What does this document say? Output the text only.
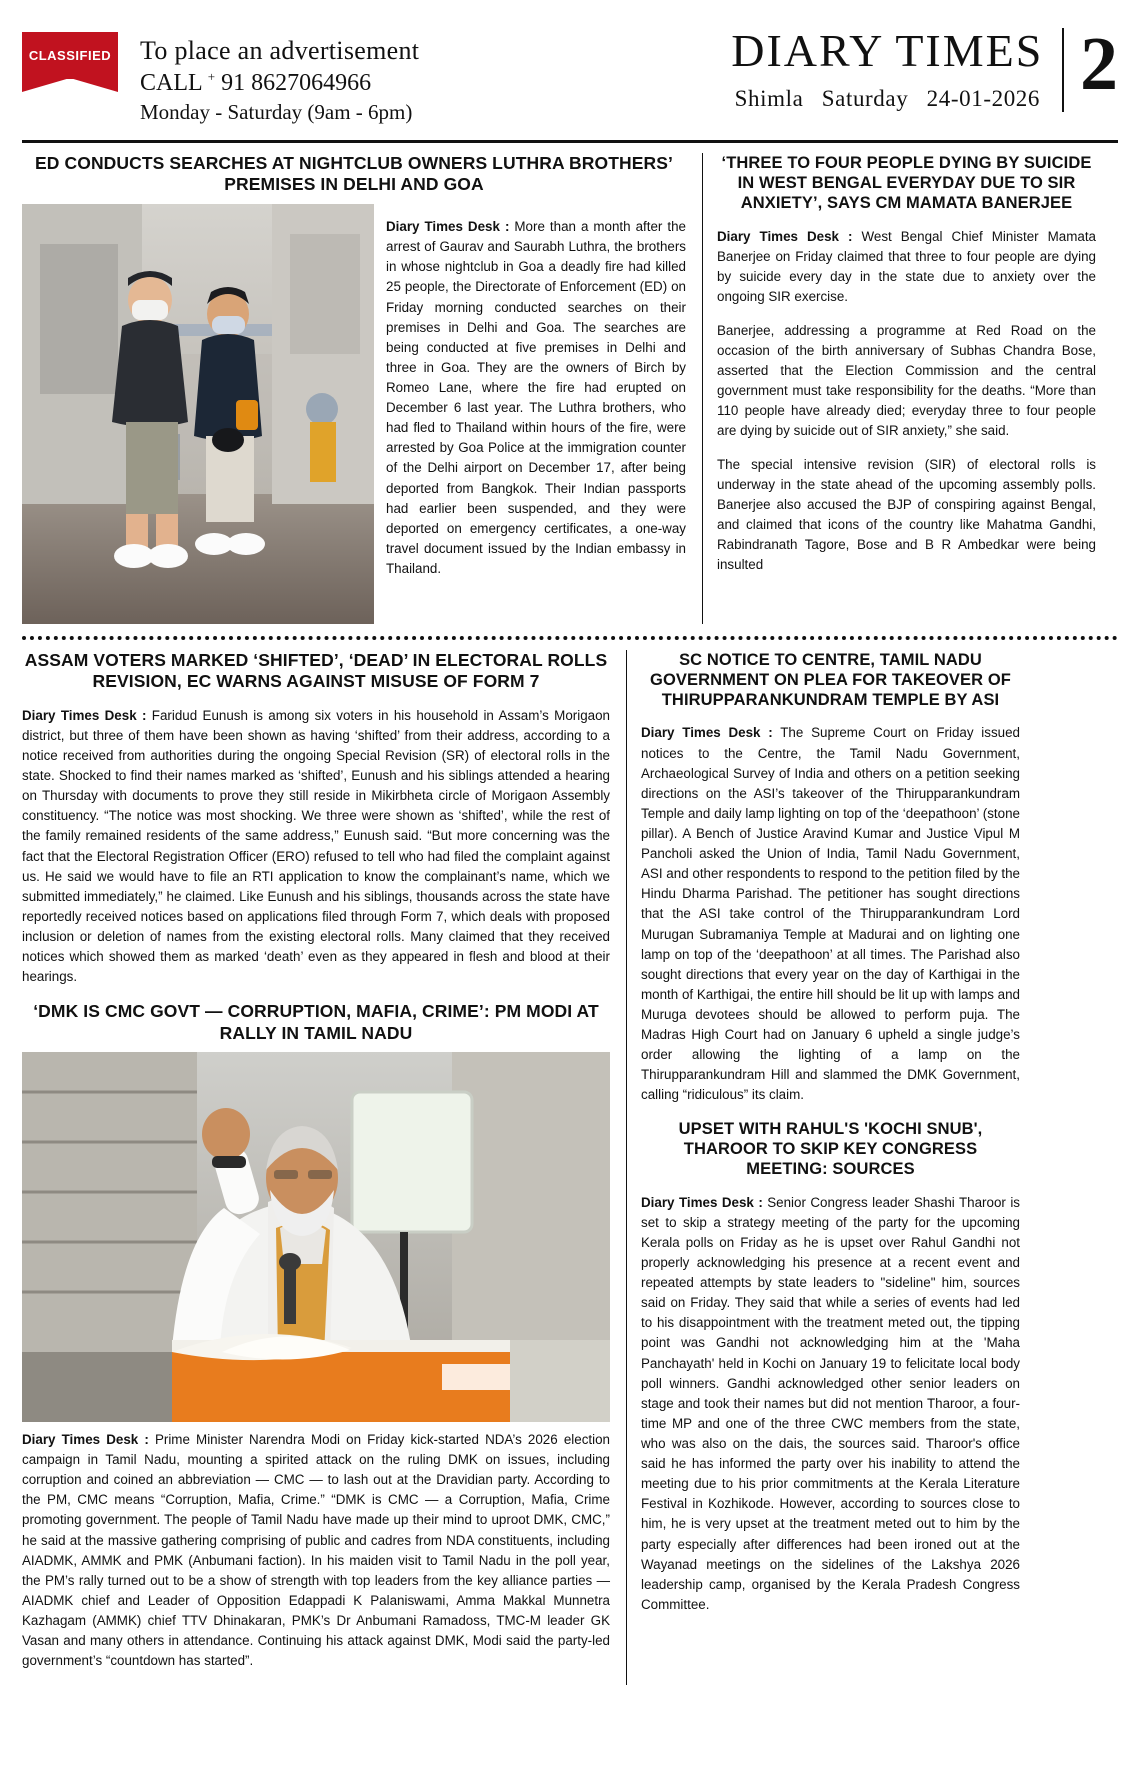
CLASSIFIED To place an advertisement
CALL + 91 8627064966
Monday - Saturday (9am - 6pm)
DIARY TIMES
Shimla Saturday 24-01-2026 2
ED CONDUCTS SEARCHES AT NIGHTCLUB OWNERS LUTHRA BROTHERS’ PREMISES IN DELHI AND GOA

Diary Times Desk : More than a month after the arrest of Gaurav and Saurabh Luthra, the brothers in whose nightclub in Goa a deadly fire had killed 25 people, the Directorate of Enforcement (ED) on Friday morning conducted searches on their premises in Delhi and Goa. The searches are being conducted at five premises in Delhi and three in Goa. They are the owners of Birch by Romeo Lane, where the fire had erupted on December 6 last year. The Luthra brothers, who had fled to Thailand within hours of the fire, were arrested by Goa Police at the immigration counter of the Delhi airport on December 17, after being deported from Bangkok. Their Indian passports had earlier been suspended, and they were deported on emergency certificates, a one-way travel document issued by the Indian embassy in Thailand.

‘THREE TO FOUR PEOPLE DYING BY SUICIDE IN WEST BENGAL EVERYDAY DUE TO SIR ANXIETY’, SAYS CM MAMATA BANERJEE

Diary Times Desk : West Bengal Chief Minister Mamata Banerjee on Friday claimed that three to four people are dying by suicide every day in the state due to anxiety over the ongoing SIR exercise.

Banerjee, addressing a programme at Red Road on the occasion of the birth anniversary of Subhas Chandra Bose, asserted that the Election Commission and the central government must take responsibility for the deaths. “More than 110 people have already died; everyday three to four people are dying by suicide out of SIR anxiety,” she said.

The special intensive revision (SIR) of electoral rolls is underway in the state ahead of the upcoming assembly polls. Banerjee also accused the BJP of conspiring against Bengal, and claimed that icons of the country like Mahatma Gandhi, Rabindranath Tagore, Bose and B R Ambedkar were being insulted

ASSAM VOTERS MARKED ‘SHIFTED’, ‘DEAD’ IN ELECTORAL ROLLS REVISION, EC WARNS AGAINST MISUSE OF FORM 7

Diary Times Desk : Faridud Eunush is among six voters in his household in Assam’s Morigaon district, but three of them have been shown as having ‘shifted’ from their address, according to a notice received from authorities during the ongoing Special Revision (SR) of electoral rolls in the state. Shocked to find their names marked as ‘shifted’, Eunush and his siblings attended a hearing on Thursday with documents to prove they still reside in Mikirbheta circle of Morigaon Assembly constituency. “The notice was most shocking. We three were shown as ‘shifted’, while the rest of the family remained residents of the same address,” Eunush said. “But more concerning was the fact that the Electoral Registration Officer (ERO) refused to tell who had filed the complaint against us. He said we would have to file an RTI application to know the complainant’s name, which we submitted immediately,” he claimed. Like Eunush and his siblings, thousands across the state have reportedly received notices based on applications filed through Form 7, which deals with proposed inclusion or deletion of names from the existing electoral rolls. Many claimed that they received notices which showed them as marked ‘death’ even as they appeared in flesh and blood at their hearings.

‘DMK IS CMC GOVT — CORRUPTION, MAFIA, CRIME’: PM MODI AT RALLY IN TAMIL NADU

Diary Times Desk : Prime Minister Narendra Modi on Friday kick-started NDA’s 2026 election campaign in Tamil Nadu, mounting a spirited attack on the ruling DMK on issues, including corruption and coined an abbreviation — CMC — to lash out at the Dravidian party. According to the PM, CMC means “Corruption, Mafia, Crime.” “DMK is CMC — a Corruption, Mafia, Crime promoting government. The people of Tamil Nadu have made up their mind to uproot DMK, CMC,” he said at the massive gathering comprising of public and cadres from NDA constituents, including AIADMK, AMMK and PMK (Anbumani faction). In his maiden visit to Tamil Nadu in the poll year, the PM’s rally turned out to be a show of strength with top leaders from the key alliance parties — AIADMK chief and Leader of Opposition Edappadi K Palaniswami, Amma Makkal Munnetra Kazhagam (AMMK) chief TTV Dhinakaran, PMK’s Dr Anbumani Ramadoss, TMC-M leader GK Vasan and many others in attendance. Continuing his attack against DMK, Modi said the party-led government’s “countdown has started”.

SC NOTICE TO CENTRE, TAMIL NADU GOVERNMENT ON PLEA FOR TAKEOVER OF THIRUPPARANKUNDRAM TEMPLE BY ASI

Diary Times Desk : The Supreme Court on Friday issued notices to the Centre, the Tamil Nadu Government, Archaeological Survey of India and others on a petition seeking directions on the ASI’s takeover of the Thirupparankundram Temple and daily lamp lighting on top of the ‘deepathoon’ (stone pillar). A Bench of Justice Aravind Kumar and Justice Vipul M Pancholi asked the Union of India, Tamil Nadu Government, ASI and other respondents to respond to the petition filed by the Hindu Dharma Parishad. The petitioner has sought directions that the ASI take control of the Thirupparankundram Lord Murugan Subramaniya Temple at Madurai and on lighting one lamp on top of the ‘deepathoon’ at all times. The Parishad also sought directions that every year on the day of Karthigai in the month of Karthigai, the entire hill should be lit up with lamps and Muruga devotees should be allowed to perform puja. The Madras High Court had on January 6 upheld a single judge’s order allowing the lighting of a lamp on the Thirupparankundram Hill and slammed the DMK Government, calling “ridiculous” its claim.

UPSET WITH RAHUL'S 'KOCHI SNUB', THAROOR TO SKIP KEY CONGRESS MEETING: SOURCES

Diary Times Desk : Senior Congress leader Shashi Tharoor is set to skip a strategy meeting of the party for the upcoming Kerala polls on Friday as he is upset over Rahul Gandhi not properly acknowledging his presence at a recent event and repeated attempts by state leaders to "sideline" him, sources said on Friday. They said that while a series of events had led to his disappointment with the treatment meted out, the tipping point was Gandhi not acknowledging him at the 'Maha Panchayath' held in Kochi on January 19 to felicitate local body poll winners. Gandhi acknowledged other senior leaders on stage and took their names but did not mention Tharoor, a four-time MP and one of the three CWC members from the state, who was also on the dais, the sources said. Tharoor's office said he has informed the party over his inability to attend the meeting due to his prior commitments at the Kerala Literature Festival in Kozhikode. However, according to sources close to him, he is very upset at the treatment meted out to him by the party especially after differences had been ironed out at the Wayanad meetings on the sidelines of the Lakshya 2026 leadership camp, organised by the Kerala Pradesh Congress Committee.
